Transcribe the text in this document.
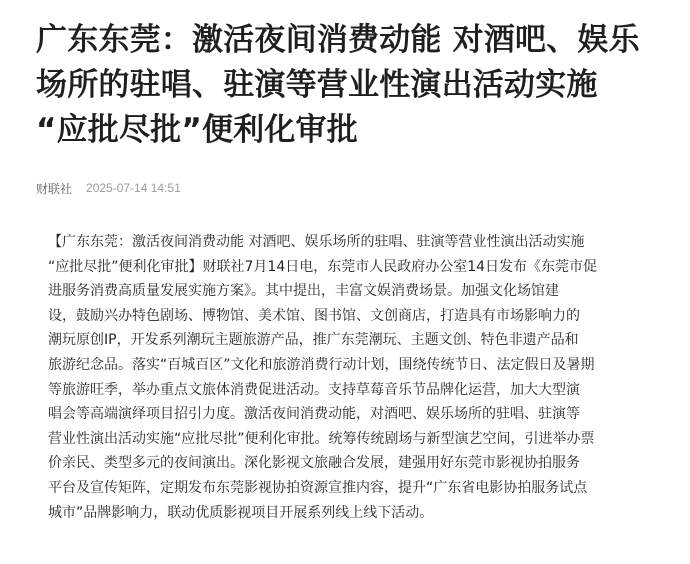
广东东莞：激活夜间消费动能 对酒吧、娱乐
场所的驻唱、驻演等营业性演出活动实施
“应批尽批”便利化审批
财联社 2025-07-14 14:51
【广东东莞：激活夜间消费动能 对酒吧、娱乐场所的驻唱、驻演等营业性演出活动实施
“应批尽批”便利化审批】财联社7月14日电，东莞市人民政府办公室14日发布《东莞市促
进服务消费高质量发展实施方案》。其中提出，丰富文娱消费场景。加强文化场馆建
设，鼓励兴办特色剧场、博物馆、美术馆、图书馆、文创商店，打造具有市场影响力的
潮玩原创IP，开发系列潮玩主题旅游产品，推广东莞潮玩、主题文创、特色非遗产品和
旅游纪念品。落实“百城百区”文化和旅游消费行动计划，围绕传统节日、法定假日及暑期
等旅游旺季，举办重点文旅体消费促进活动。支持草莓音乐节品牌化运营，加大大型演
唱会等高端演绎项目招引力度。激活夜间消费动能，对酒吧、娱乐场所的驻唱、驻演等
营业性演出活动实施“应批尽批”便利化审批。统筹传统剧场与新型演艺空间，引进举办票
价亲民、类型多元的夜间演出。深化影视文旅融合发展，建强用好东莞市影视协拍服务
平台及宣传矩阵，定期发布东莞影视协拍资源宣推内容，提升“广东省电影协拍服务试点
城市”品牌影响力，联动优质影视项目开展系列线上线下活动。
